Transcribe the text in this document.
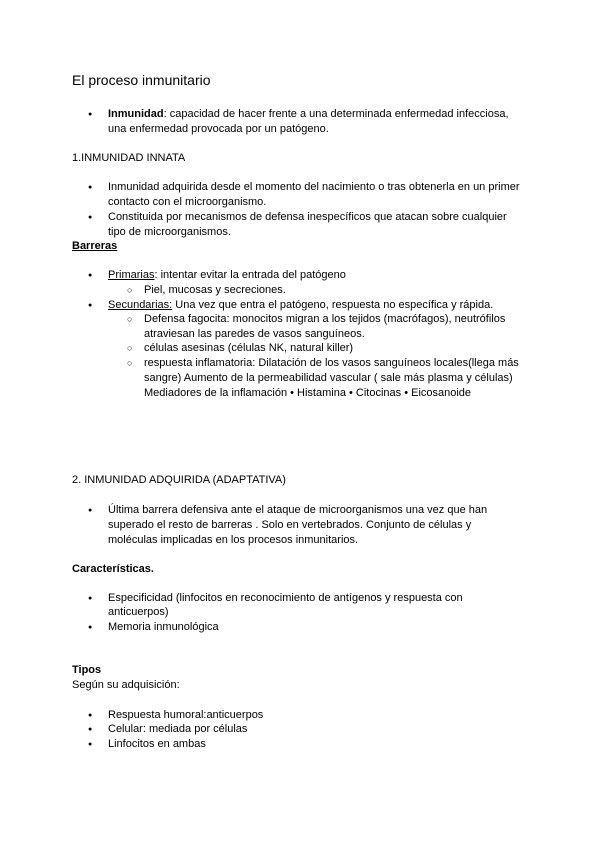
El proceso inmunitario
● Inmunidad: capacidad de hacer frente a una determinada enfermedad infecciosa,
una enfermedad provocada por un patógeno.
1.INMUNIDAD INNATA
● Inmunidad adquirida desde el momento del nacimiento o tras obtenerla en un primer
contacto con el microorganismo.
● Constituida por mecanismos de defensa inespecíficos que atacan sobre cualquier
tipo de microorganismos.
Barreras
● Primarias: intentar evitar la entrada del patógeno
○ Piel, mucosas y secreciones.
● Secundarias: Una vez que entra el patógeno, respuesta no específica y rápida.
○ Defensa fagocita: monocitos migran a los tejidos (macrófagos), neutrófilos
atraviesan las paredes de vasos sanguíneos.
○ células asesinas (células NK, natural killer)
○ respuesta inflamatoria: Dilatación de los vasos sanguíneos locales(llega más
sangre) Aumento de la permeabilidad vascular ( sale más plasma y células)
Mediadores de la inflamación • Histamina • Citocinas • Eicosanoide
2. INMUNIDAD ADQUIRIDA (ADAPTATIVA)
● Última barrera defensiva ante el ataque de microorganismos una vez que han
superado el resto de barreras . Solo en vertebrados. Conjunto de células y
moléculas implicadas en los procesos inmunitarios.
Características.
● Especificidad (linfocitos en reconocimiento de antígenos y respuesta con
anticuerpos)
● Memoria inmunológica
Tipos
Según su adquisición:
● Respuesta humoral:anticuerpos
● Celular: mediada por células
● Linfocitos en ambas
